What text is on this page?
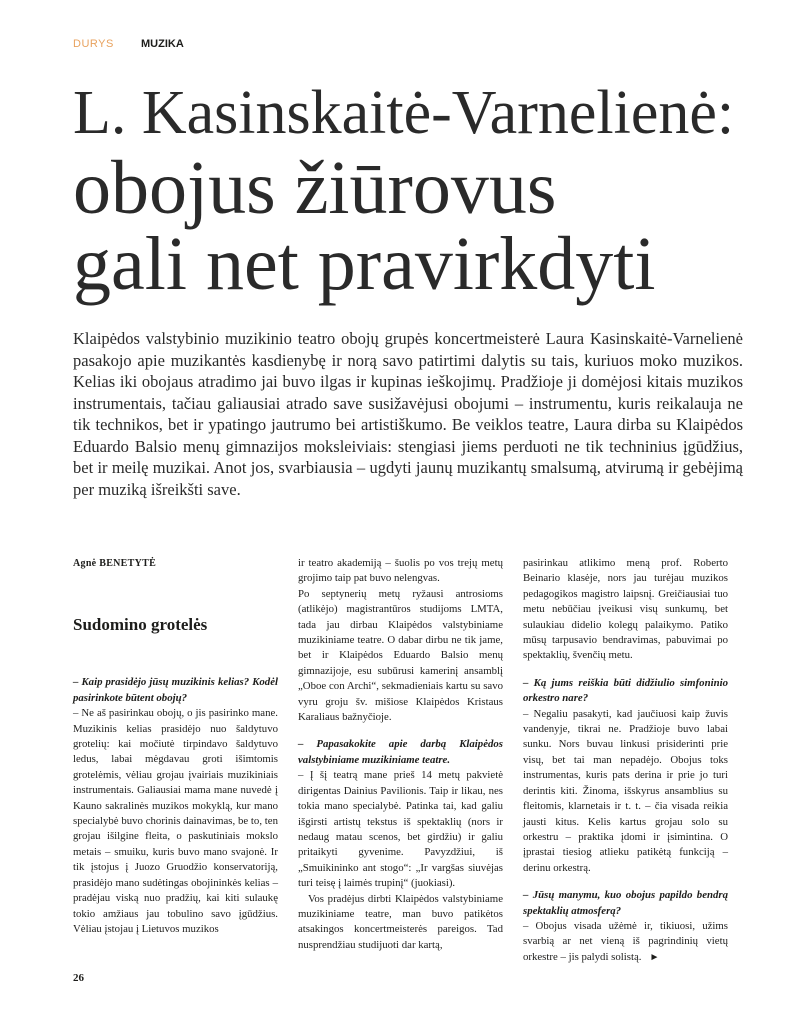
DURYS MUZIKA
L. Kasinskaitė-Varnelienė:
obojus žiūrovus
gali net pravirkdyti

Klaipėdos valstybinio muzikinio teatro obojų grupės koncertmeisterė Laura Kasinskaitė-Varnelienė pasakojo apie muzikantės kasdienybę ir norą savo patirtimi dalytis su tais, kuriuos moko muzikos. Kelias iki obojaus atradimo jai buvo ilgas ir kupinas ieškojimų. Pradžioje ji domėjosi kitais muzikos instrumentais, tačiau galiausiai atrado save susižavėjusi obojumi – instrumentu, kuris reikalauja ne tik technikos, bet ir ypatingo jautrumo bei artistiškumo. Be veiklos teatre, Laura dirba su Klaipėdos Eduardo Balsio menų gimnazijos moksleiviais: stengiasi jiems perduoti ne tik techninius įgūdžius, bet ir meilę muzikai. Anot jos, svarbiausia – ugdyti jaunų muzikantų smalsumą, atvirumą ir gebėjimą per muziką išreikšti save.

Agnė BENETYTĖ

Sudomino grotelės

– Kaip prasidėjo jūsų muzikinis kelias? Kodėl pasirinkote būtent obojų?

– Ne aš pasirinkau obojų, o jis pasirinko mane. Muzikinis kelias prasidėjo nuo šaldytuvo grotelių: kai močiutė tirpindavo šaldytuvo ledus, labai mėgdavau groti išimtomis grotelėmis, vėliau grojau įvairiais muzikiniais instrumentais. Galiausiai mama mane nuvedė į Kauno sakralinės muzikos mokyklą, kur mano specialybė buvo chorinis dainavimas, be to, ten grojau išilgine fleita, o paskutiniais mokslo metais – smuiku, kuris buvo mano svajonė. Ir tik įstojus į Juozo Gruodžio konservatoriją, prasidėjo mano sudėtingas obojininkės kelias – pradėjau viską nuo pradžių, kai kiti sulaukę tokio amžiaus jau tobulino savo įgūdžius. Vėliau įstojau į Lietuvos muzikos

ir teatro akademiją – šuolis po vos trejų metų grojimo taip pat buvo nelengvas.

Po septynerių metų ryžausi antrosioms (atlikėjo) magistrantūros studijoms LMTA, tada jau dirbau Klaipėdos valstybiniame muzikiniame teatre. O dabar dirbu ne tik jame, bet ir Klaipėdos Eduardo Balsio menų gimnazijoje, esu subūrusi kamerinį ansamblį „Oboe con Archi“, sekmadieniais kartu su savo vyru groju šv. mišiose Klaipėdos Kristaus Karaliaus bažnyčioje.

– Papasakokite apie darbą Klaipėdos valstybiniame muzikiniame teatre.

– Į šį teatrą mane prieš 14 metų pakvietė dirigentas Dainius Pavilionis. Taip ir likau, nes tokia mano specialybė. Patinka tai, kad galiu išgirsti artistų tekstus iš spektaklių (nors ir nedaug matau scenos, bet girdžiu) ir galiu pritaikyti gyvenime. Pavyzdžiui, iš „Smuikininko ant stogo“: „Ir vargšas siuvėjas turi teisę į laimės trupinį“ (juokiasi).

Vos pradėjus dirbti Klaipėdos valstybiniame muzikiniame teatre, man buvo patikėtos atsakingos koncertmeisterės pareigos. Tad nusprendžiau studijuoti dar kartą,

pasirinkau atlikimo meną prof. Roberto Beinario klasėje, nors jau turėjau muzikos pedagogikos magistro laipsnį. Greičiausiai tuo metu nebūčiau įveikusi visų sunkumų, bet sulaukiau didelio kolegų palaikymo. Patiko mūsų tarpusavio bendravimas, pabuvimai po spektaklių, švenčių metu.

– Ką jums reiškia būti didžiulio simfoninio orkestro nare?

– Negaliu pasakyti, kad jaučiuosi kaip žuvis vandenyje, tikrai ne. Pradžioje buvo labai sunku. Nors buvau linkusi prisiderinti prie visų, bet tai man nepadėjo. Obojus toks instrumentas, kuris pats derina ir prie jo turi derintis kiti. Žinoma, išskyrus ansamblius su fleitomis, klarnetais ir t. t. – čia visada reikia jausti kitus. Kelis kartus grojau solo su orkestru – praktika įdomi ir įsimintina. O įprastai tiesiog atlieku patikėtą funkciją – derinu orkestrą.

– Jūsų manymu, kuo obojus papildo bendrą spektaklių atmosferą?

– Obojus visada užėmė ir, tikiuosi, užims svarbią ar net vieną iš pagrindinių vietų orkestre – jis palydi solistą. ►

26
